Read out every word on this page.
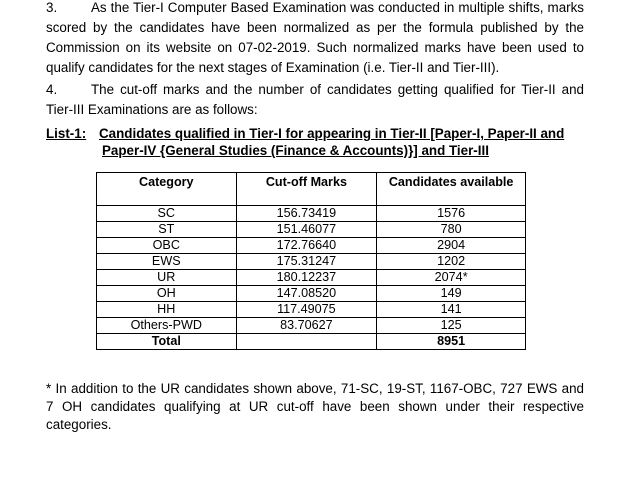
3.	As the Tier-I Computer Based Examination was conducted in multiple shifts, marks scored by the candidates have been normalized as per the formula published by the Commission on its website on 07-02-2019. Such normalized marks have been used to qualify candidates for the next stages of Examination (i.e. Tier-II and Tier-III).

4.	The cut-off marks and the number of candidates getting qualified for Tier-II and Tier-III Examinations are as follows:

List-1: Candidates qualified in Tier-I for appearing in Tier-II [Paper-I, Paper-II and
Paper-IV {General Studies (Finance & Accounts)}] and Tier-III

Category	Cut-off Marks	Candidates available
SC	156.73419	1576
ST	151.46077	780
OBC	172.76640	2904
EWS	175.31247	1202
UR	180.12237	2074*
OH	147.08520	149
HH	117.49075	141
Others-PWD	83.70627	125
Total		8951

* In addition to the UR candidates shown above, 71-SC, 19-ST, 1167-OBC, 727 EWS and 7 OH candidates qualifying at UR cut-off have been shown under their respective categories.
